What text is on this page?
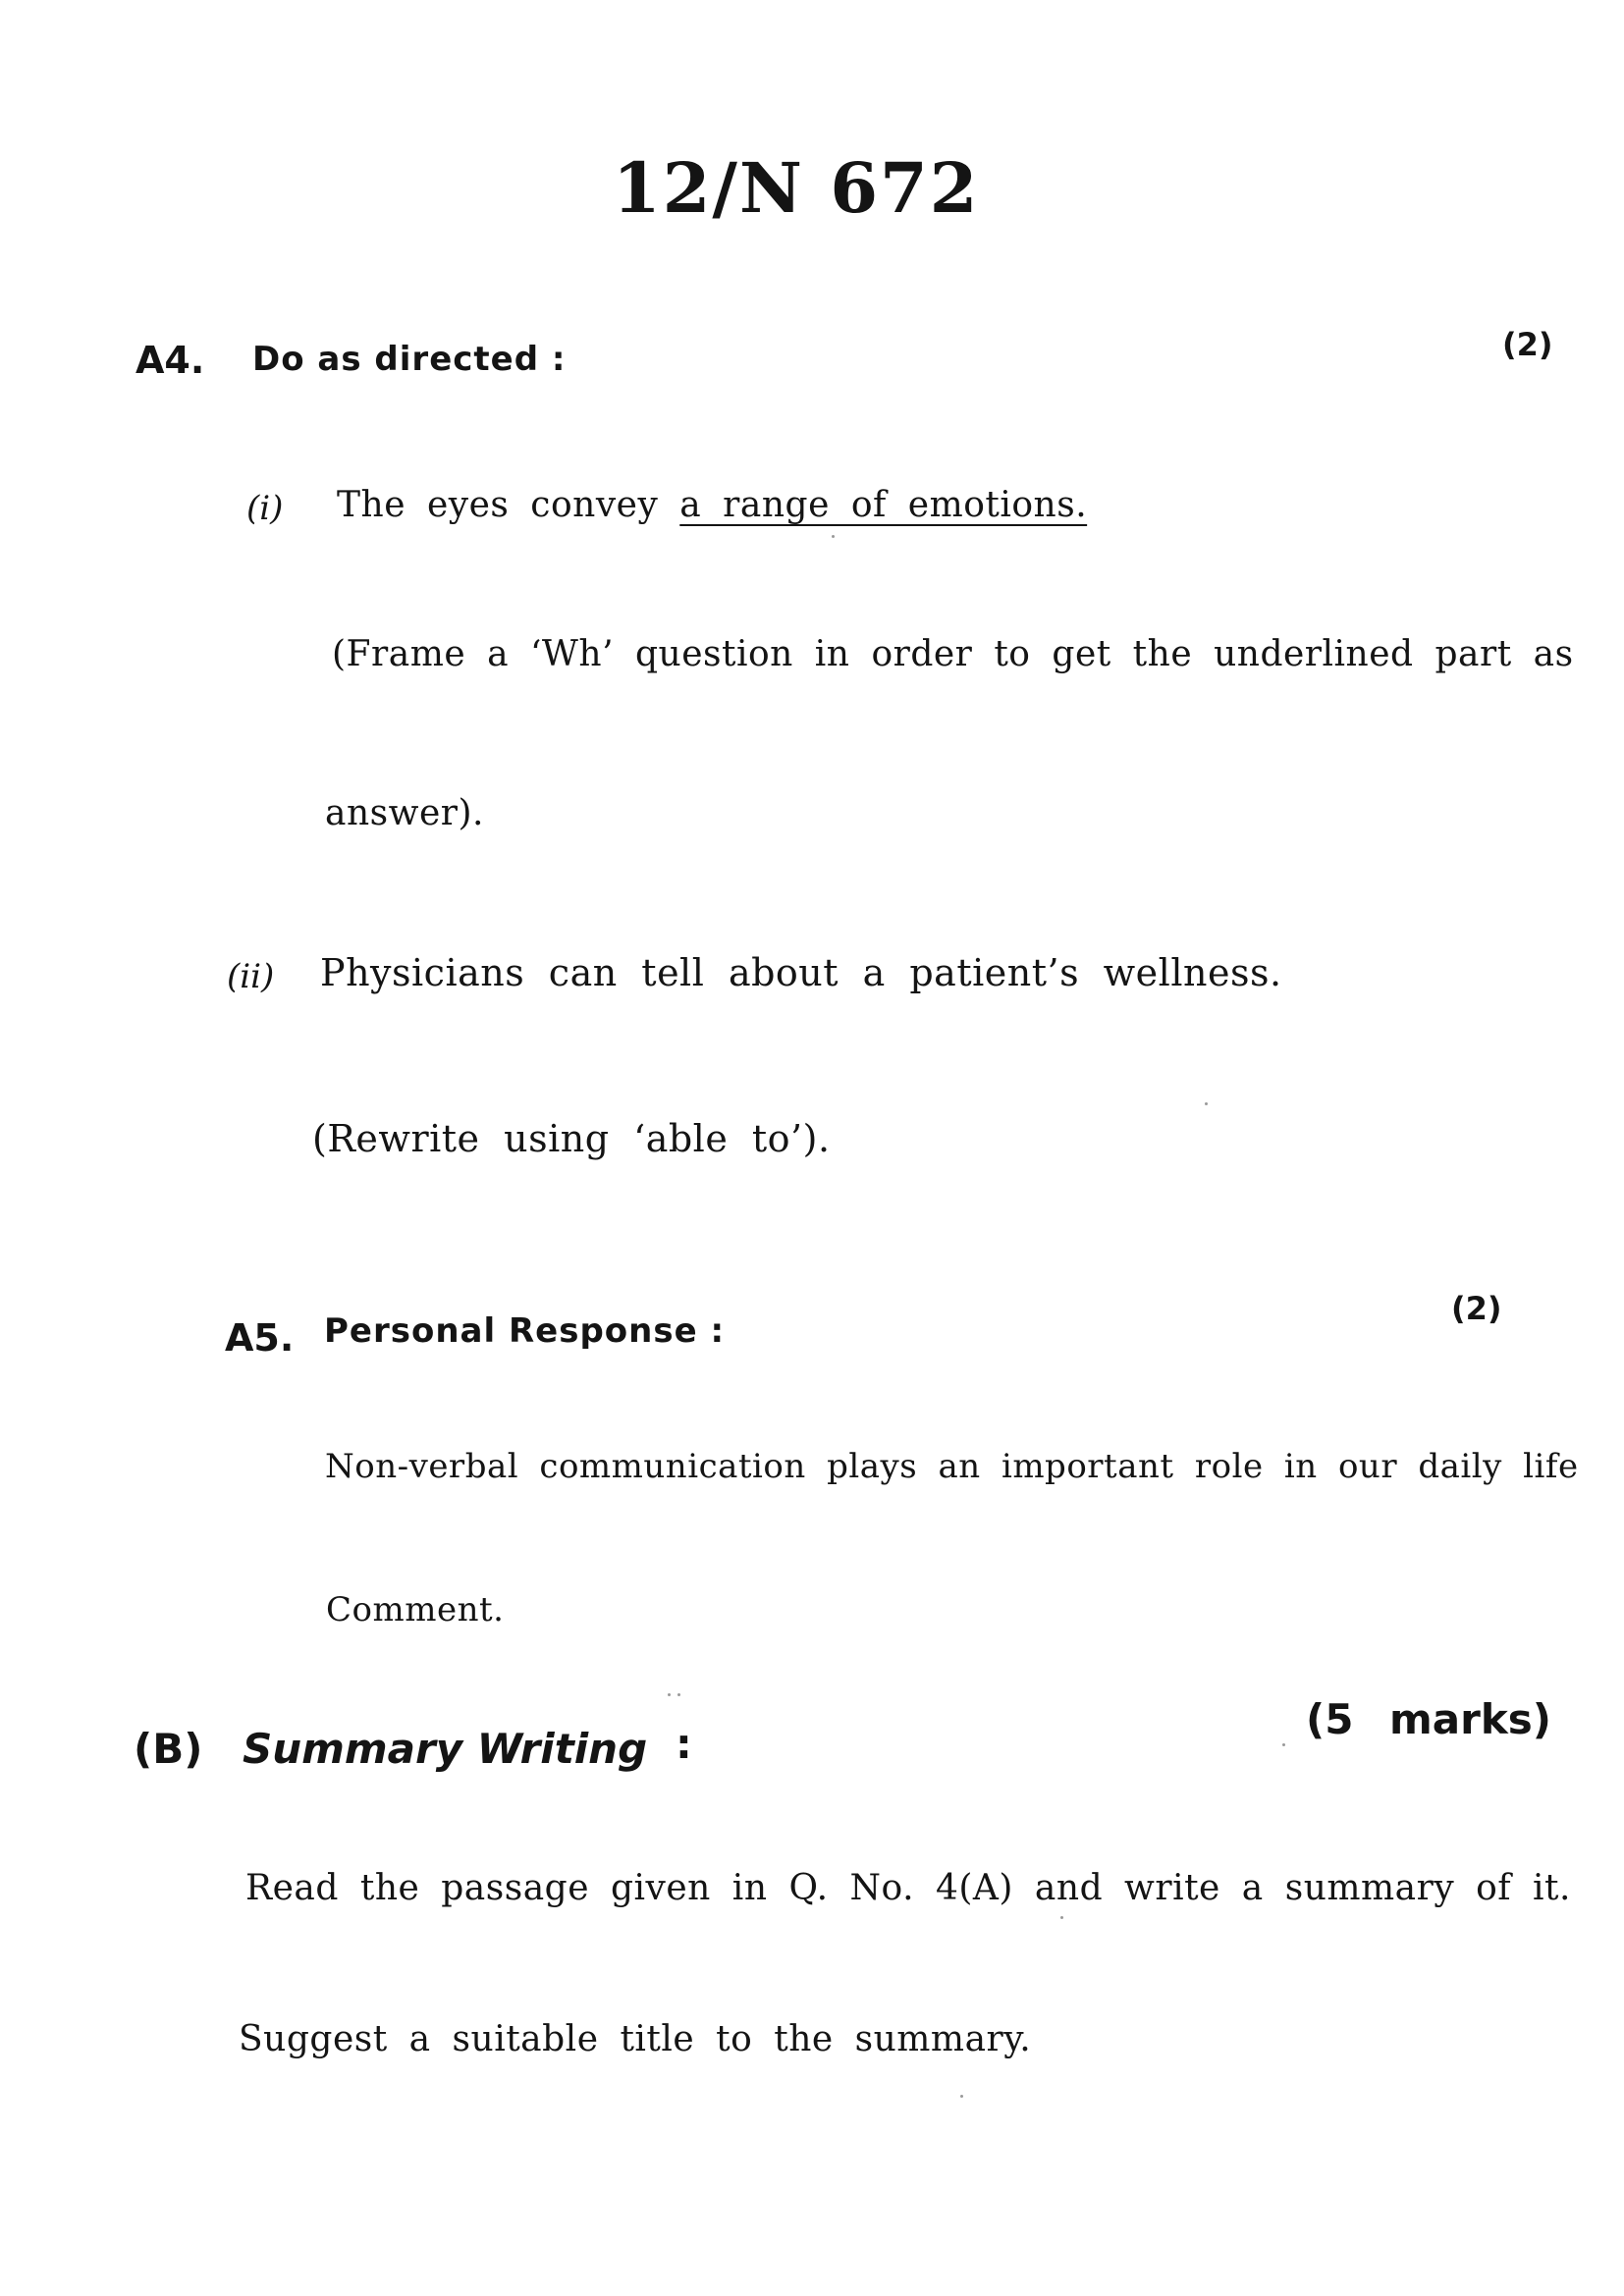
12/N 672
A4. Do as directed :	(2)
(i) The eyes convey a range of emotions.
(Frame a ‘Wh’ question in order to get the underlined part as
answer).
(ii) Physicians can tell about a patient’s wellness.
(Rewrite using ‘able to’).
A5. Personal Response :
(2)
Non-verbal communication plays an important role in our daily life
Comment.
(B) Summary Writing :
(5 marks)
Read the passage given in Q. No. 4(A) and write a summary of it.
Suggest a suitable title to the summary.
